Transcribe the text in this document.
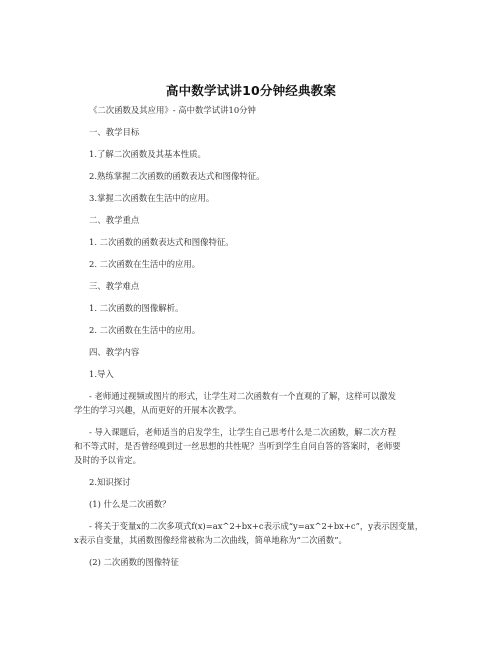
高中数学试讲10分钟经典教案

《二次函数及其应用》- 高中数学试讲10分钟

一、教学目标

1.了解二次函数及其基本性质。

2.熟练掌握二次函数的函数表达式和图像特征。

3.掌握二次函数在生活中的应用。

二、教学重点

1. 二次函数的函数表达式和图像特征。

2. 二次函数在生活中的应用。

三、教学难点

1. 二次函数的图像解析。

2. 二次函数在生活中的应用。

四、教学内容

1.导入

- 老师通过视频或图片的形式，让学生对二次函数有一个直观的了解，这样可以激发

学生的学习兴趣，从而更好的开展本次教学。

- 导入课题后，老师适当的启发学生，让学生自己思考什么是二次函数，解二次方程

和不等式时，是否曾经嗅到过一丝思想的共性呢？当听到学生自问自答的答案时，老师要

及时的予以肯定。

2.知识探讨

(1) 什么是二次函数？

- 将关于变量x的二次多项式f(x)=ax^2+bx+c表示成“y=ax^2+bx+c”，y表示因变量，

x表示自变量，其函数图像经常被称为二次曲线，简单地称为“二次函数”。

(2) 二次函数的图像特征
